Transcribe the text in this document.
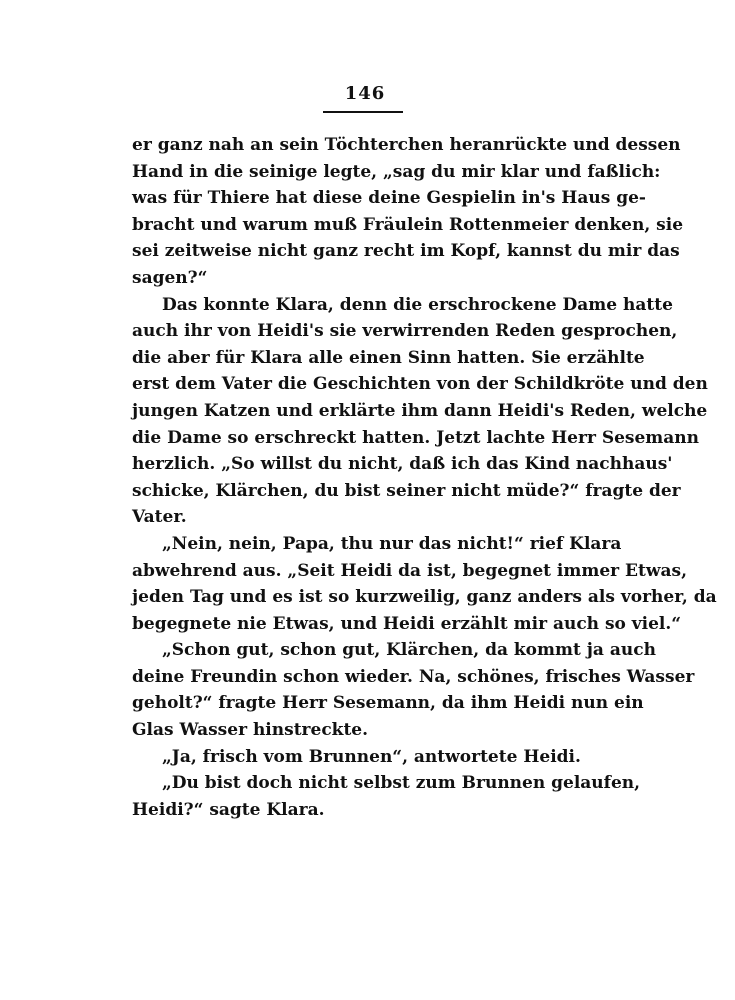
146
er ganz nah an sein Töchterchen heranrückte und dessen
Hand in die seinige legte, „sag du mir klar und faßlich:
was für Thiere hat diese deine Gespielin in's Haus ge-
bracht und warum muß Fräulein Rottenmeier denken, sie
sei zeitweise nicht ganz recht im Kopf, kannst du mir das
sagen?“
Das konnte Klara, denn die erschrockene Dame hatte
auch ihr von Heidi's sie verwirrenden Reden gesprochen,
die aber für Klara alle einen Sinn hatten. Sie erzählte
erst dem Vater die Geschichten von der Schildkröte und den
jungen Katzen und erklärte ihm dann Heidi's Reden, welche
die Dame so erschreckt hatten. Jetzt lachte Herr Sesemann
herzlich. „So willst du nicht, daß ich das Kind nachhaus'
schicke, Klärchen, du bist seiner nicht müde?“ fragte der
Vater.
„Nein, nein, Papa, thu nur das nicht!“ rief Klara
abwehrend aus. „Seit Heidi da ist, begegnet immer Etwas,
jeden Tag und es ist so kurzweilig, ganz anders als vorher, da
begegnete nie Etwas, und Heidi erzählt mir auch so viel.“
„Schon gut, schon gut, Klärchen, da kommt ja auch
deine Freundin schon wieder. Na, schönes, frisches Wasser
geholt?“ fragte Herr Sesemann, da ihm Heidi nun ein
Glas Wasser hinstreckte.
„Ja, frisch vom Brunnen“, antwortete Heidi.
„Du bist doch nicht selbst zum Brunnen gelaufen,
Heidi?“ sagte Klara.
